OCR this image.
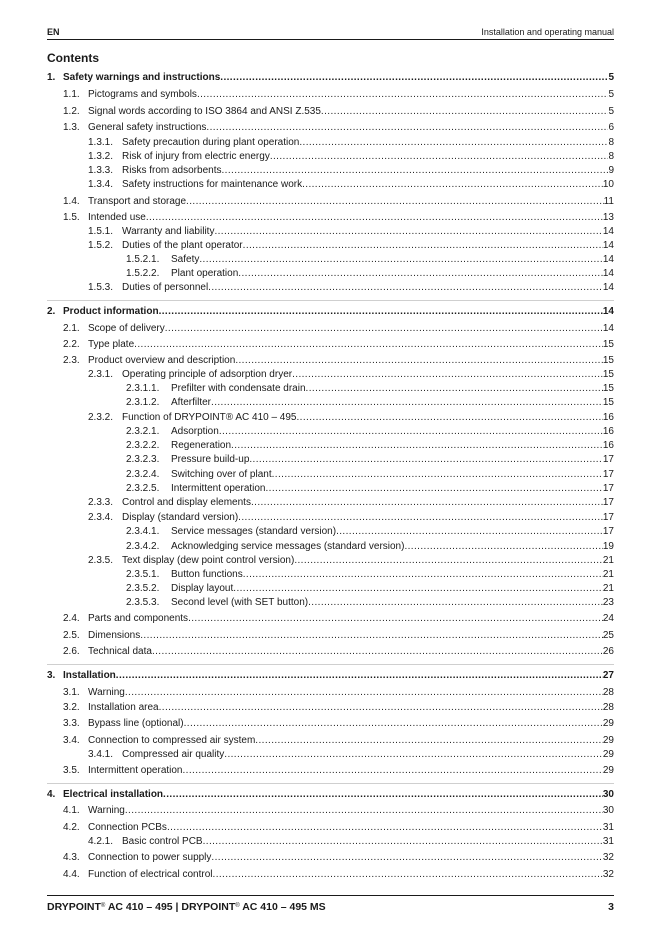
EN	Installation and operating manual
Contents
1. Safety warnings and instructions .....	5
1.1. Pictograms and symbols .....	5
1.2. Signal words according to ISO 3864 and ANSI Z.535 .....	5
1.3. General safety instructions .....	6
1.3.1. Safety precaution during plant operation .....	8
1.3.2. Risk of injury from electric energy .....	8
1.3.3. Risks from adsorbents .....	9
1.3.4. Safety instructions for maintenance work .....	10
1.4. Transport and storage .....	11
1.5. Intended use .....	13
1.5.1. Warranty and liability .....	14
1.5.2. Duties of the plant operator .....	14
1.5.2.1.	Safety .....	14
1.5.2.2.	Plant operation .....	14
1.5.3. Duties of personnel .....	14
2. Product information .....	14
2.1. Scope of delivery .....	14
2.2. Type plate .....	15
2.3. Product overview and description .....	15
2.3.1. Operating principle of adsorption dryer .....	15
2.3.1.1.	Prefilter with condensate drain .....	15
2.3.1.2.	Afterfilter .....	15
2.3.2. Function of DRYPOINT® AC 410 – 495 .....	16
2.3.2.1.	Adsorption .....	16
2.3.2.2.	Regeneration .....	16
2.3.2.3.	Pressure build-up .....	17
2.3.2.4.	Switching over of plant .....	17
2.3.2.5.	Intermittent operation .....	17
2.3.3. Control and display elements .....	17
2.3.4. Display (standard version) .....	17
2.3.4.1.	Service messages (standard version) .....	17
2.3.4.2.	Acknowledging service messages (standard version) .....	19
2.3.5. Text display (dew point control version) .....	21
2.3.5.1.	Button functions .....	21
2.3.5.2.	Display layout .....	21
2.3.5.3.	Second level (with SET button) .....	23
2.4. Parts and components .....	24
2.5. Dimensions .....	25
2.6. Technical data .....	26
3. Installation .....	27
3.1. Warning .....	28
3.2. Installation area .....	28
3.3. Bypass line (optional) .....	29
3.4. Connection to compressed air system .....	29
3.4.1. Compressed air quality .....	29
3.5. Intermittent operation .....	29
4. Electrical installation .....	30
4.1. Warning .....	30
4.2. Connection PCBs .....	31
4.2.1. Basic control PCB .....	31
4.3. Connection to power supply .....	32
4.4. Function of electrical control .....	32
DRYPOINT® AC 410 – 495 | DRYPOINT® AC 410 – 495 MS	3
